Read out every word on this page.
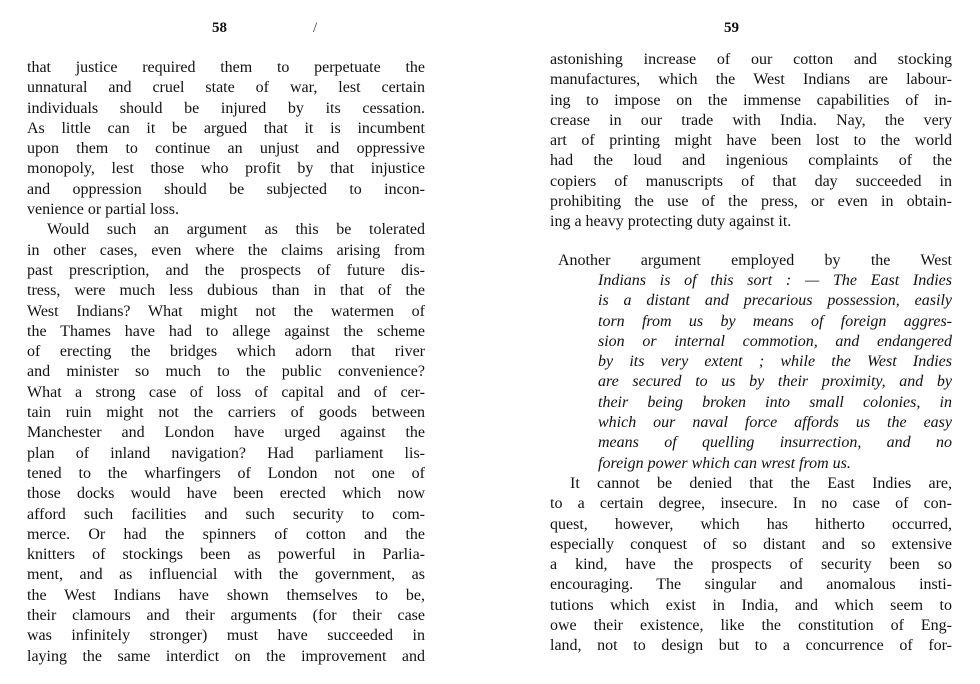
58	/
that justice required them to perpetuate the
unnatural and cruel state of war, lest certain
individuals should be injured by its cessation.
As little can it be argued that it is incumbent
upon them to continue an unjust and oppressive
monopoly, lest those who profit by that injustice
and oppression should be subjected to incon-
venience or partial loss.
Would such an argument as this be tolerated
in other cases, even where the claims arising from
past prescription, and the prospects of future dis-
tress, were much less dubious than in that of the
West Indians? What might not the watermen of
the Thames have had to allege against the scheme
of erecting the bridges which adorn that river
and minister so much to the public convenience?
What a strong case of loss of capital and of cer-
tain ruin might not the carriers of goods between
Manchester and London have urged against the
plan of inland navigation? Had parliament lis-
tened to the wharfingers of London not one of
those docks would have been erected which now
afford such facilities and such security to com-
merce. Or had the spinners of cotton and the
knitters of stockings been as powerful in Parlia-
ment, and as influencial with the government, as
the West Indians have shown themselves to be,
their clamours and their arguments (for their case
was infinitely stronger) must have succeeded in
laying the same interdict on the improvement and
59
astonishing increase of our cotton and stocking
manufactures, which the West Indians are labour-
ing to impose on the immense capabilities of in-
crease in our trade with India. Nay, the very
art of printing might have been lost to the world
had the loud and ingenious complaints of the
copiers of manuscripts of that day succeeded in
prohibiting the use of the press, or even in obtain-
ing a heavy protecting duty against it.
Another argument employed by the West
Indians is of this sort : — The East Indies
is a distant and precarious possession, easily
torn from us by means of foreign aggres-
sion or internal commotion, and endangered
by its very extent ; while the West Indies
are secured to us by their proximity, and by
their being broken into small colonies, in
which our naval force affords us the easy
means of quelling insurrection, and no
foreign power which can wrest from us.
It cannot be denied that the East Indies are,
to a certain degree, insecure. In no case of con-
quest, however, which has hitherto occurred,
especially conquest of so distant and so extensive
a kind, have the prospects of security been so
encouraging. The singular and anomalous insti-
tutions which exist in India, and which seem to
owe their existence, like the constitution of Eng-
land, not to design but to a concurrence of for-
